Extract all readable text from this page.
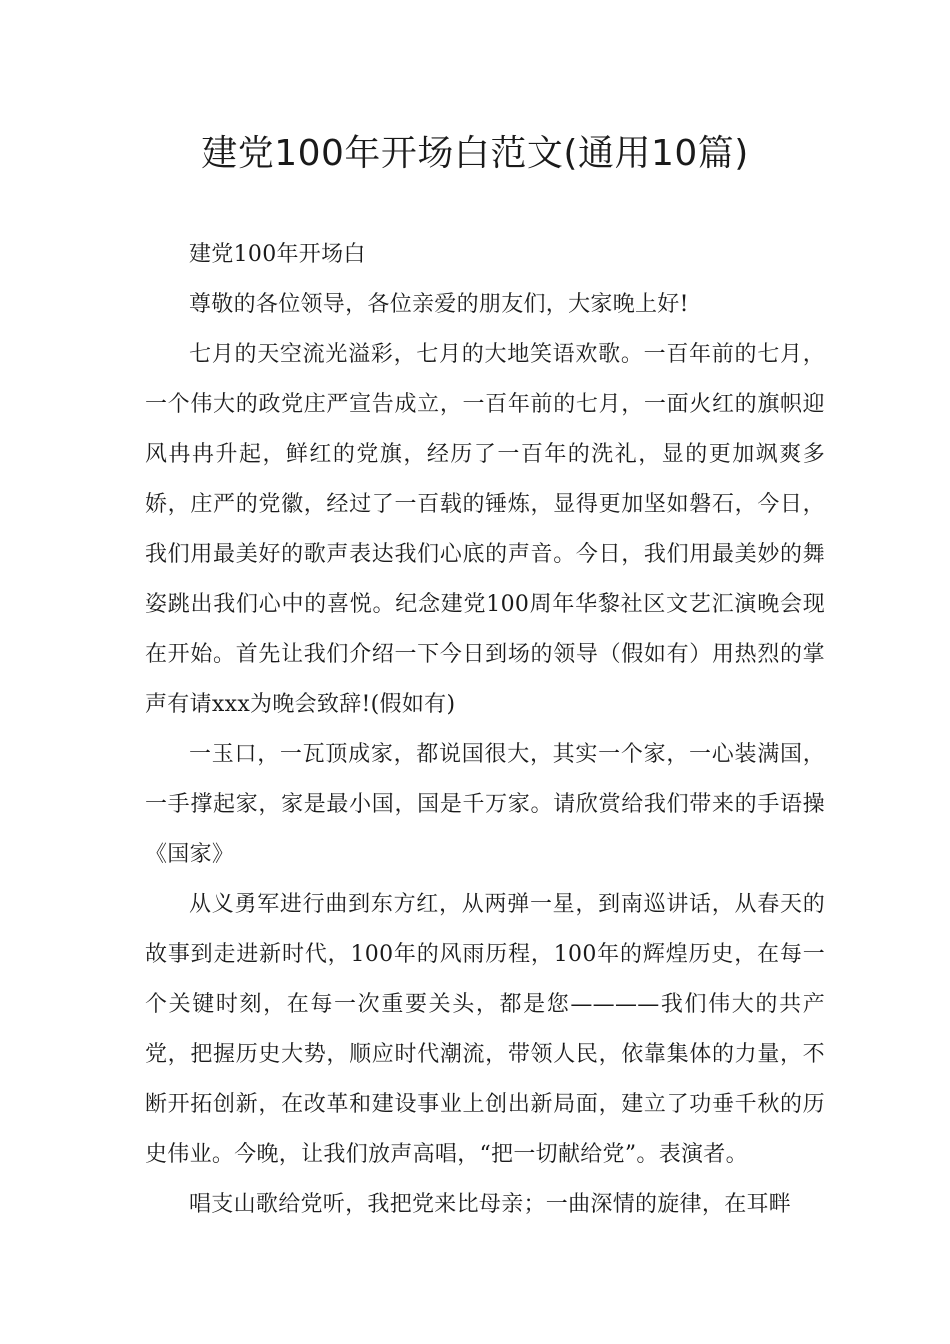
建党100年开场白范文(通用10篇)

建党100年开场白

尊敬的各位领导，各位亲爱的朋友们，大家晚上好!

七月的天空流光溢彩，七月的大地笑语欢歌。一百年前的七月，一个伟大的政党庄严宣告成立，一百年前的七月，一面火红的旗帜迎风冉冉升起，鲜红的党旗，经历了一百年的洗礼，显的更加飒爽多娇，庄严的党徽，经过了一百载的锤炼，显得更加坚如磐石，今日，我们用最美好的歌声表达我们心底的声音。今日，我们用最美妙的舞姿跳出我们心中的喜悦。纪念建党100周年华黎社区文艺汇演晚会现在开始。首先让我们介绍一下今日到场的领导（假如有）用热烈的掌声有请xxx为晚会致辞!(假如有)

一玉口，一瓦顶成家，都说国很大，其实一个家，一心装满国，一手撑起家，家是最小国，国是千万家。请欣赏给我们带来的手语操《国家》

从义勇军进行曲到东方红，从两弹一星，到南巡讲话，从春天的故事到走进新时代，100年的风雨历程，100年的辉煌历史，在每一个关键时刻，在每一次重要关头，都是您————我们伟大的共产党，把握历史大势，顺应时代潮流，带领人民，依靠集体的力量，不断开拓创新，在改革和建设事业上创出新局面，建立了功垂千秋的历史伟业。今晚，让我们放声高唱，“把一切献给党”。表演者。

唱支山歌给党听，我把党来比母亲；一曲深情的旋律，在耳畔
